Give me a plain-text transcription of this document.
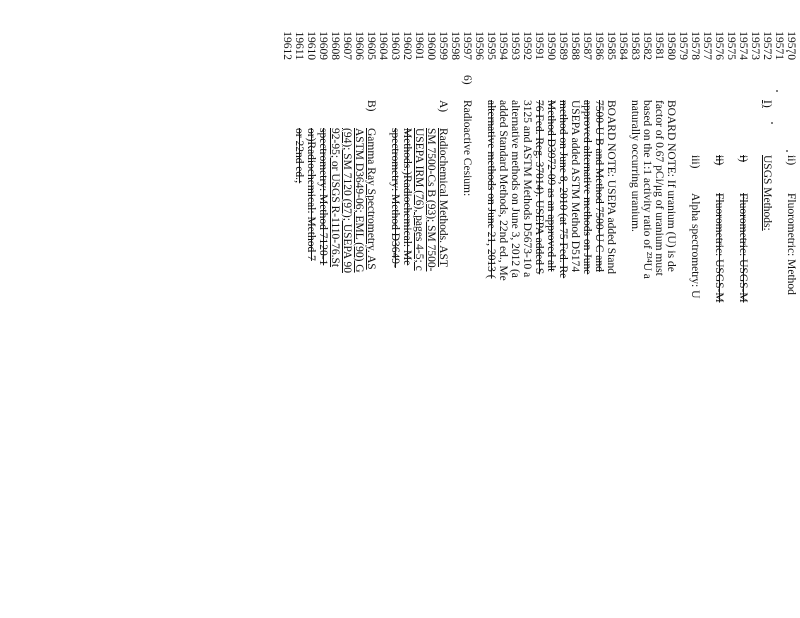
19570
19571
19572
19573
19574
19575
19576
19577
19578
19579
19580
19581
19582
19583
19584
19585
19586
19587
19588
19589
19590
19591
19592
19593
19594
19595
19596
19597
19598
19599
19600
19601
19602
19603
19604
19605
19606
19607
19608
19609
19610
19611
19612
ii)
Fluorometric: Method
I)
USGS Methods:
i)
Fluorometric: USGS-M
ii)
Fluorometric: USGS-M
iii)
Alpha spectrometry: U
BOARD NOTE: If uranium (U) is de
factor of 0.67 pCi/μg of uranium must
based on the 1:1 activity ratio of ²³⁴U a
naturally occurring uranium.
BOARD NOTE: USEPA added Stand
7500-U B and Method 7500-U C and
approved alternative methods on June
USEPA added ASTM Method D5174
method on June 8, 2010 (at 75 Fed. Re
Method D3972-09 as an approved alt
76 Fed. Reg. 37014). USEPA added S
3125 and ASTM Methods D5673-10 a
alternative methods on June 3, 2012 (a
added Standard Methods, 22nd ed., Me
alternative methods on June 21, 2013 (
6)
Radioactive Cesium:
A)
Radiochemical Methods. AST
SM 7500-Cs B (93); SM 7500-
USEPA IRM (76), pages 4-5; c
Methods.)Radiochemical: Me
spectrometry: Method D3649-
B)
Gamma Ray Spectrometry. AS
ASTM D3649-06; EML (90) G
(94); SM 7120 (97); USEPA 90
92-95; or USGS R-1110-76.St
spectrometry: Method 7120-1
or)Radiochemical: Method 7
or 22nd ed.;
